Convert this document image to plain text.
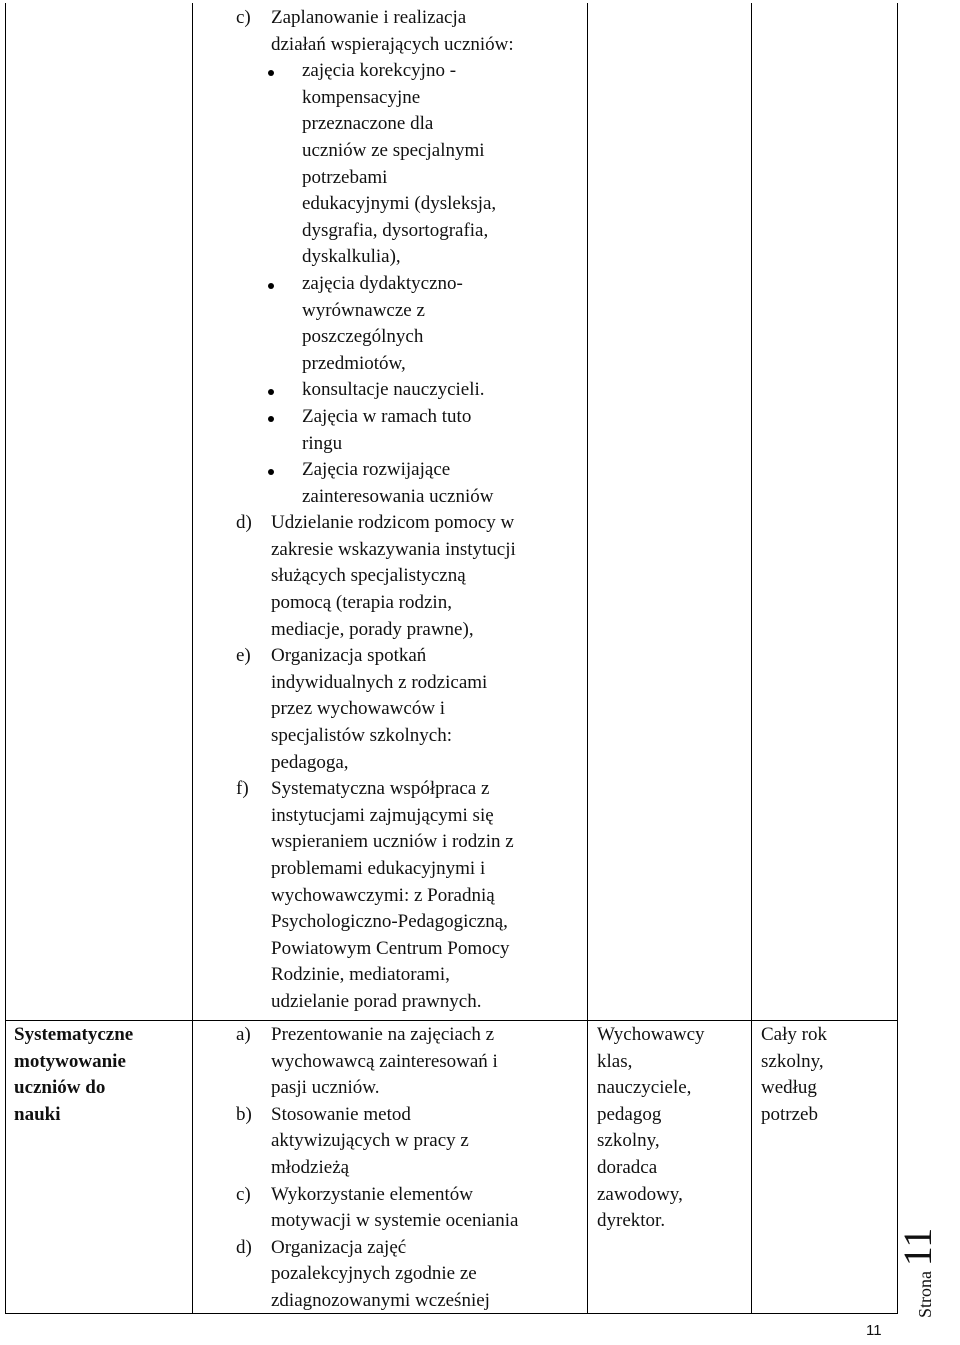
c) Zaplanowanie i realizacja
działań wspierających uczniów:
zajęcia korekcyjno -
kompensacyjne
przeznaczone dla
uczniów ze specjalnymi
potrzebami
edukacyjnymi (dysleksja,
dysgrafia, dysortografia,
dyskalkulia),
zajęcia dydaktyczno-
wyrównawcze z
poszczególnych
przedmiotów,
konsultacje nauczycieli.
Zajęcia w ramach tuto
ringu
Zajęcia rozwijające
zainteresowania uczniów
d) Udzielanie rodzicom pomocy w
zakresie wskazywania instytucji
służących specjalistyczną
pomocą (terapia rodzin,
mediacje, porady prawne),
e) Organizacja spotkań
indywidualnych z rodzicami
przez wychowawców i
specjalistów szkolnych:
pedagoga,
f) Systematyczna współpraca z
instytucjami zajmującymi się
wspieraniem uczniów i rodzin z
problemami edukacyjnymi i
wychowawczymi: z Poradnią
Psychologiczno-Pedagogiczną,
Powiatowym Centrum Pomocy
Rodzinie, mediatorami,
udzielanie porad prawnych.
Systematyczne
motywowanie
uczniów do
nauki
a) Prezentowanie na zajęciach z
wychowawcą zainteresowań i
pasji uczniów.
b) Stosowanie metod
aktywizujących w pracy z
młodzieżą
c) Wykorzystanie elementów
motywacji w systemie oceniania
d) Organizacja zajęć
pozalekcyjnych zgodnie ze
zdiagnozowanymi wcześniej
Wychowawcy
klas,
nauczyciele,
pedagog
szkolny,
doradca
zawodowy,
dyrektor.
Cały rok
szkolny,
według
potrzeb
11
Strona 11
